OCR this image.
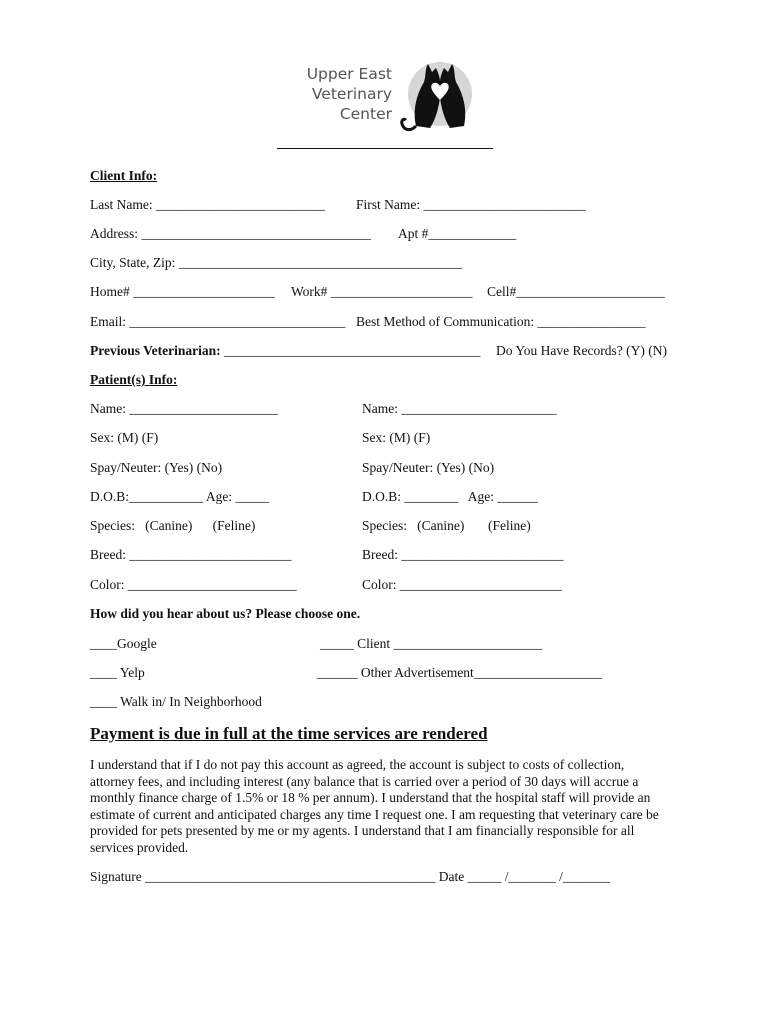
Upper East
Veterinary
Center
Client Info:
Last Name: _________________________ First Name: ________________________
Address: __________________________________ Apt #_____________
City, State, Zip: __________________________________________
Home# _____________________ Work# _____________________ Cell#______________________
Email: ________________________________ Best Method of Communication: ________________
Previous Veterinarian: ______________________________________ Do You Have Records? (Y) (N)
Patient(s) Info:
Name: ______________________
Sex: (M) (F)
Spay/Neuter: (Yes) (No)
D.O.B:___________ Age: _____
Species:   (Canine)      (Feline)
Breed: ________________________
Color: _________________________
Name: _______________________
Sex: (M) (F)
Spay/Neuter: (Yes) (No)
D.O.B: ________   Age: ______
Species:   (Canine)       (Feline)
Breed: ________________________
Color: ________________________
How did you hear about us? Please choose one.
____Google	_____ Client ______________________
____ Yelp	______ Other Advertisement___________________
____ Walk in/ In Neighborhood
Payment is due in full at the time services are rendered
I understand that if I do not pay this account as agreed, the account is subject to costs of collection,
attorney fees, and including interest (any balance that is carried over a period of 30 days will accrue a
monthly finance charge of 1.5% or 18 % per annum). I understand that the hospital staff will provide an
estimate of current and anticipated charges any time I request one. I am requesting that veterinary care be
provided for pets presented by me or my agents. I understand that I am financially responsible for all
services provided.
Signature ___________________________________________ Date _____ /_______ /_______
